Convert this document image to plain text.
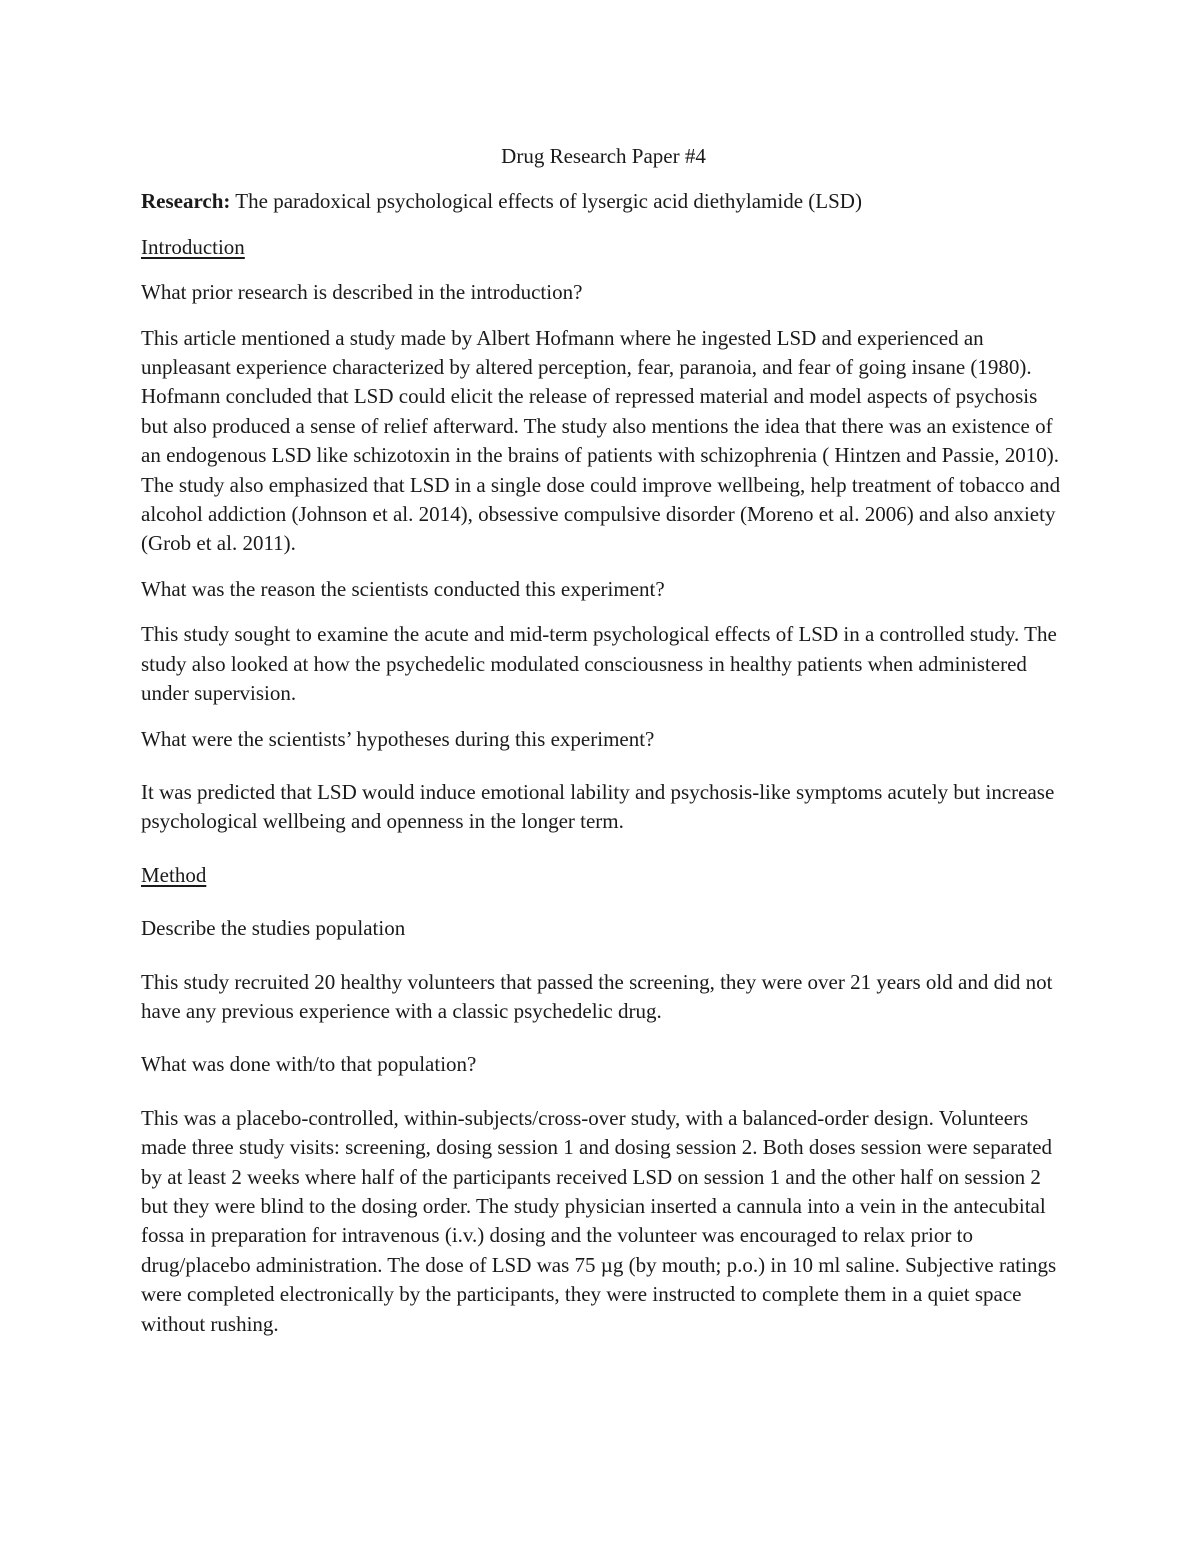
Drug Research Paper #4

Research: The paradoxical psychological effects of lysergic acid diethylamide (LSD)

Introduction

What prior research is described in the introduction?

This article mentioned a study made by Albert Hofmann where he ingested LSD and experienced an unpleasant experience characterized by altered perception, fear, paranoia, and fear of going insane (1980). Hofmann concluded that LSD could elicit the release of repressed material and model aspects of psychosis but also produced a sense of relief afterward. The study also mentions the idea that there was an existence of an endogenous LSD like schizotoxin in the brains of patients with schizophrenia ( Hintzen and Passie, 2010). The study also emphasized that LSD in a single dose could improve wellbeing, help treatment of tobacco and alcohol addiction (Johnson et al. 2014), obsessive compulsive disorder (Moreno et al. 2006) and also anxiety (Grob et al. 2011).

What was the reason the scientists conducted this experiment?

This study sought to examine the acute and mid-term psychological effects of LSD in a controlled study. The study also looked at how the psychedelic modulated consciousness in healthy patients when administered under supervision.

What were the scientists’ hypotheses during this experiment?

It was predicted that LSD would induce emotional lability and psychosis-like symptoms acutely but increase psychological wellbeing and openness in the longer term.

Method

Describe the studies population

This study recruited 20 healthy volunteers that passed the screening, they were over 21 years old and did not have any previous experience with a classic psychedelic drug.

What was done with/to that population?

This was a placebo-controlled, within-subjects/cross-over study, with a balanced-order design. Volunteers made three study visits: screening, dosing session 1 and dosing session 2. Both doses session were separated by at least 2 weeks where half of the participants received LSD on session 1 and the other half on session 2 but they were blind to the dosing order. The study physician inserted a cannula into a vein in the antecubital fossa in preparation for intravenous (i.v.) dosing and the volunteer was encouraged to relax prior to drug/placebo administration. The dose of LSD was 75 µg (by mouth; p.o.) in 10 ml saline. Subjective ratings were completed electronically by the participants, they were instructed to complete them in a quiet space without rushing.
